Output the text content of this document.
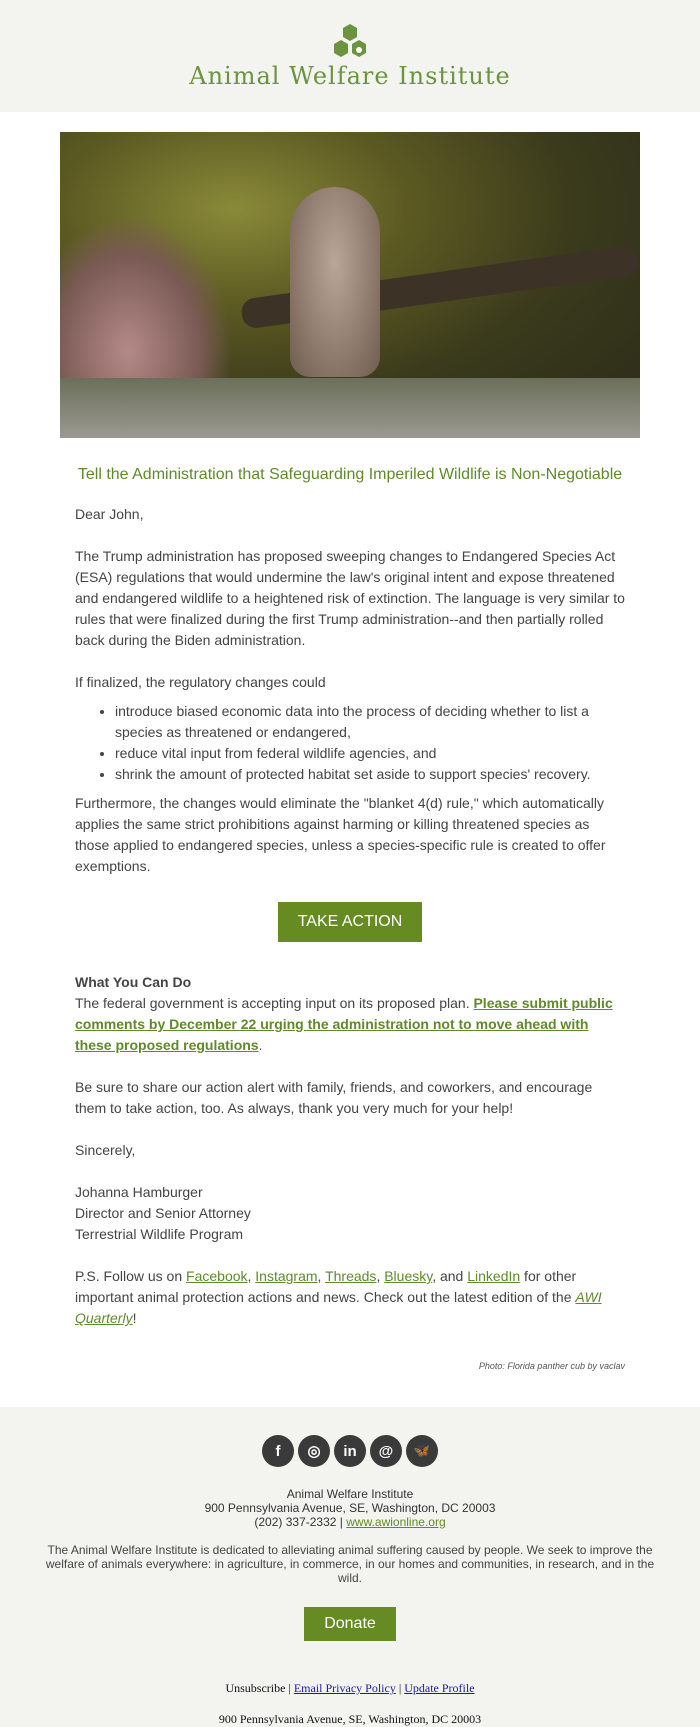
Animal Welfare Institute
Tell the Administration that Safeguarding Imperiled Wildlife is Non-Negotiable

Dear John,

The Trump administration has proposed sweeping changes to Endangered Species Act (ESA) regulations that would undermine the law's original intent and expose threatened and endangered wildlife to a heightened risk of extinction. The language is very similar to rules that were finalized during the first Trump administration--and then partially rolled back during the Biden administration.

If finalized, the regulatory changes could

• introduce biased economic data into the process of deciding whether to list a species as threatened or endangered,
• reduce vital input from federal wildlife agencies, and
• shrink the amount of protected habitat set aside to support species' recovery.

Furthermore, the changes would eliminate the "blanket 4(d) rule," which automatically applies the same strict prohibitions against harming or killing threatened species as those applied to endangered species, unless a species-specific rule is created to offer exemptions.

TAKE ACTION

What You Can Do
The federal government is accepting input on its proposed plan. Please submit public comments by December 22 urging the administration not to move ahead with these proposed regulations.

Be sure to share our action alert with family, friends, and coworkers, and encourage them to take action, too. As always, thank you very much for your help!

Sincerely,

Johanna Hamburger
Director and Senior Attorney
Terrestrial Wildlife Program

P.S. Follow us on Facebook, Instagram, Threads, Bluesky, and LinkedIn for other important animal protection actions and news. Check out the latest edition of the AWI Quarterly!

Photo: Florida panther cub by vaclav
f	◎	in	@	🦋
Animal Welfare Institute
900 Pennsylvania Avenue, SE, Washington, DC 20003
(202) 337-2332 | www.awionline.org
The Animal Welfare Institute is dedicated to alleviating animal suffering caused by people. We seek to improve the welfare of animals everywhere: in agriculture, in commerce, in our homes and communities, in research, and in the wild.
Donate
Unsubscribe | Email Privacy Policy | Update Profile
900 Pennsylvania Avenue, SE, Washington, DC 20003
